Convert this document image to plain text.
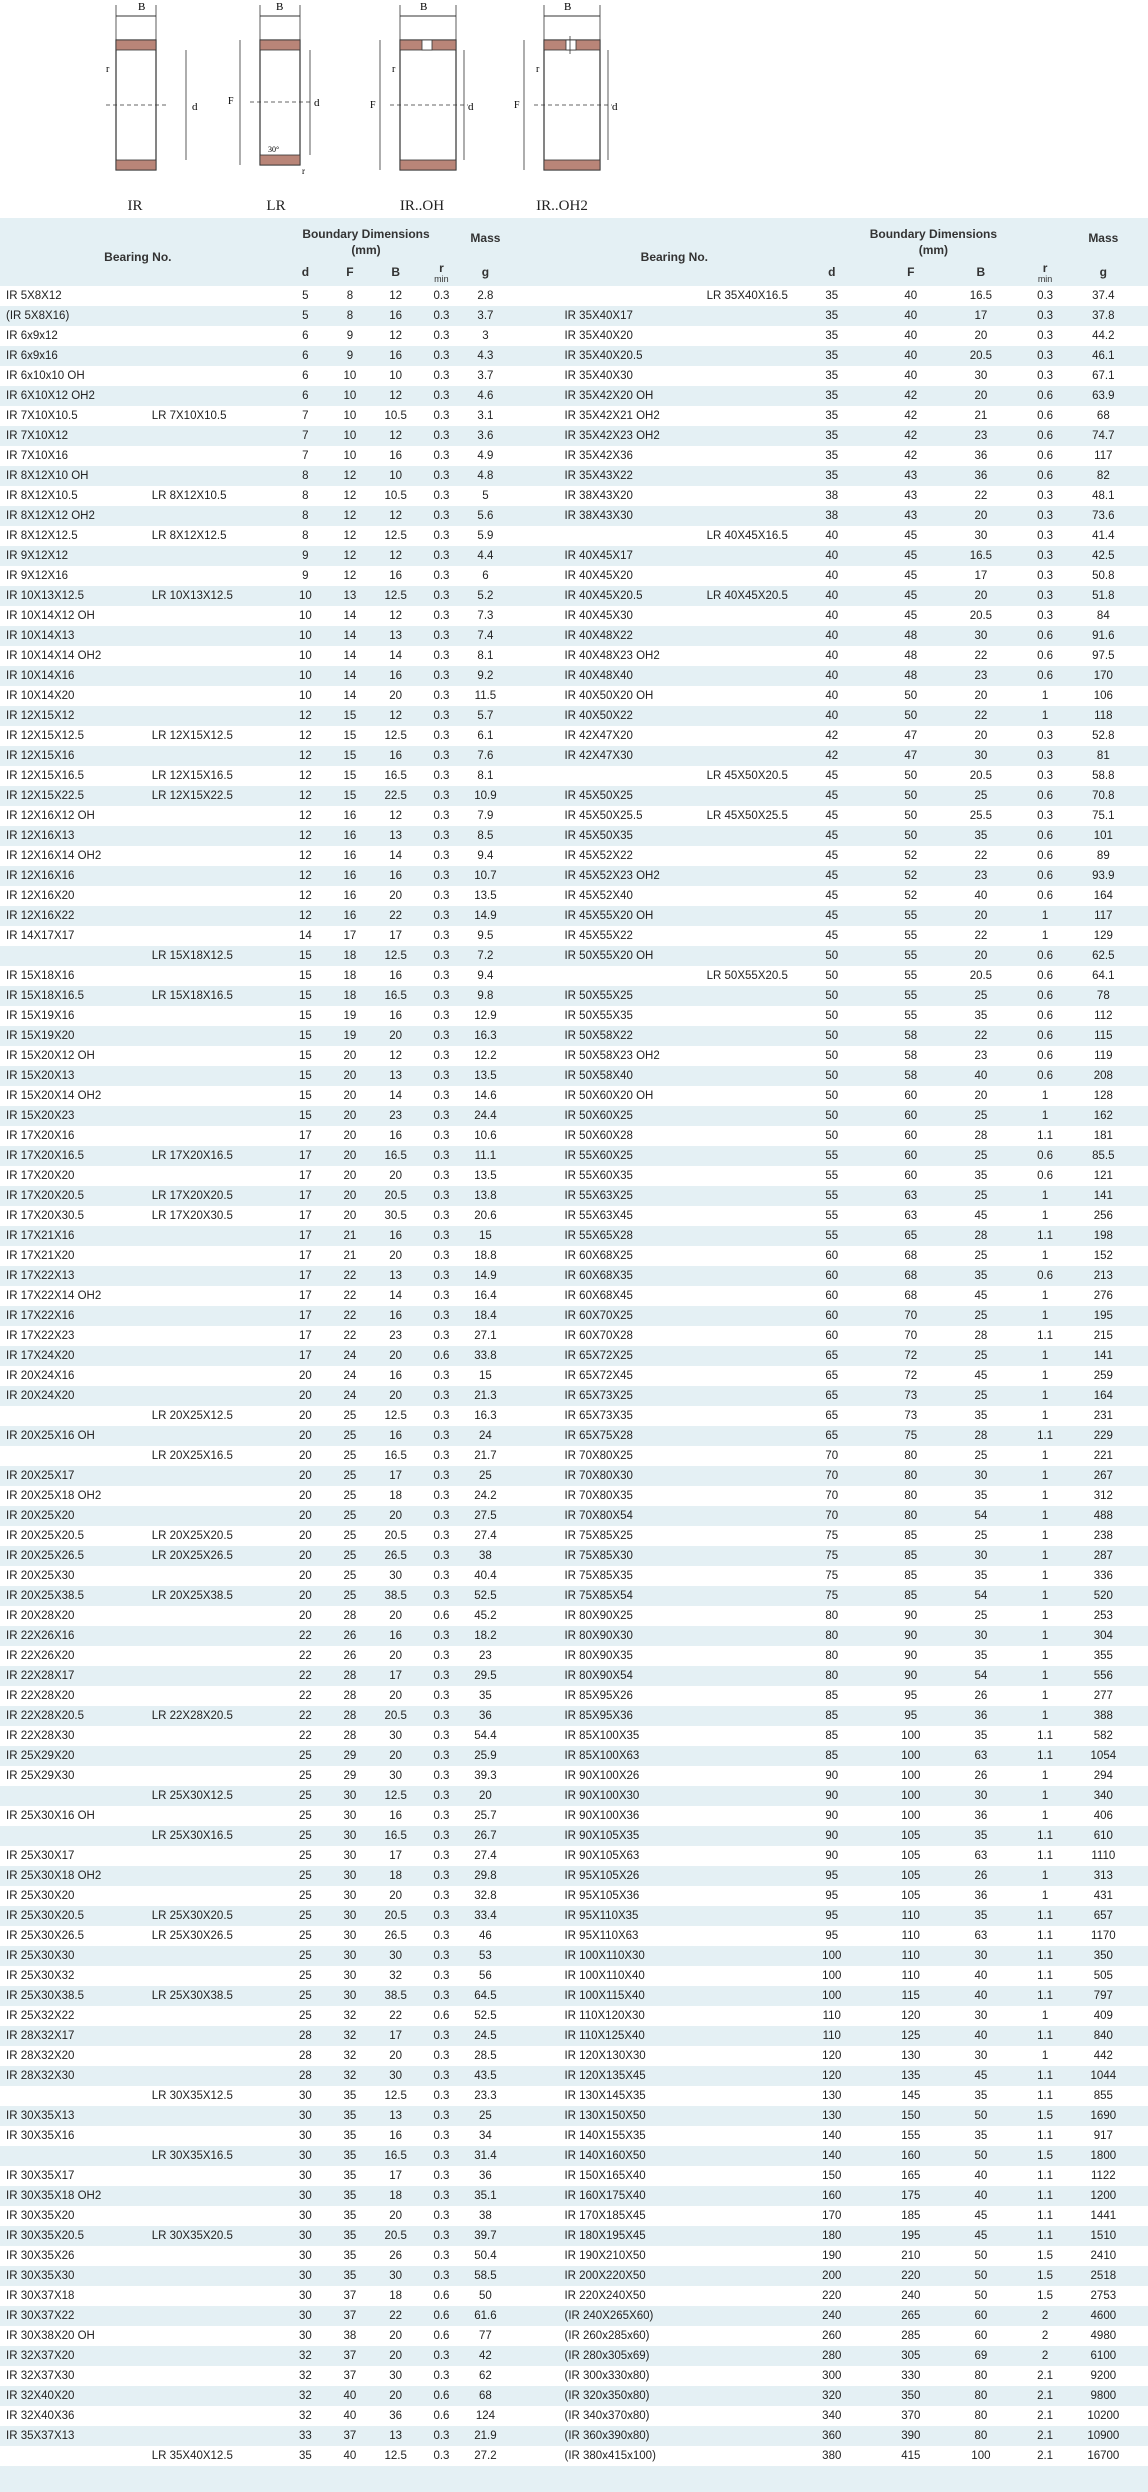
B
r
d
IR
B
F	d
30°
r
LR
B
F
r
d
IR..OH
B
F
r
d
IR..OH2
Bearing No.		Boundary Dimensions
(mm)				Mass		Bearing No.		Boundary Dimensions
(mm)				Mass	
		d	F	B	r
min	g				d	F	B	r
min	g	
IR 5X8X12		5	8	12	0.3	2.8			LR 35X40X16.5	35	40	16.5	0.3	37.4	
(IR 5X8X16)		5	8	16	0.3	3.7		IR 35X40X17		35	40	17	0.3	37.8	
IR 6x9x12		6	9	12	0.3	3		IR 35X40X20		35	40	20	0.3	44.2	
IR 6x9x16		6	9	16	0.3	4.3		IR 35X40X20.5		35	40	20.5	0.3	46.1	
IR 6x10x10 OH		6	10	10	0.3	3.7		IR 35X40X30		35	40	30	0.3	67.1	
IR 6X10X12 OH2		6	10	12	0.3	4.6		IR 35X42X20 OH		35	42	20	0.6	63.9	
IR 7X10X10.5	LR 7X10X10.5	7	10	10.5	0.3	3.1		IR 35X42X21 OH2		35	42	21	0.6	68	
IR 7X10X12		7	10	12	0.3	3.6		IR 35X42X23 OH2		35	42	23	0.6	74.7	
IR 7X10X16		7	10	16	0.3	4.9		IR 35X42X36		35	42	36	0.6	117	
IR 8X12X10 OH		8	12	10	0.3	4.8		IR 35X43X22		35	43	36	0.6	82	
IR 8X12X10.5	LR 8X12X10.5	8	12	10.5	0.3	5		IR 38X43X20		38	43	22	0.3	48.1	
IR 8X12X12 OH2		8	12	12	0.3	5.6		IR 38X43X30		38	43	20	0.3	73.6	
IR 8X12X12.5	LR 8X12X12.5	8	12	12.5	0.3	5.9			LR 40X45X16.5	40	45	30	0.3	41.4	
IR 9X12X12		9	12	12	0.3	4.4		IR 40X45X17		40	45	16.5	0.3	42.5	
IR 9X12X16		9	12	16	0.3	6		IR 40X45X20		40	45	17	0.3	50.8	
IR 10X13X12.5	LR 10X13X12.5	10	13	12.5	0.3	5.2		IR 40X45X20.5	LR 40X45X20.5	40	45	20	0.3	51.8	
IR 10X14X12 OH		10	14	12	0.3	7.3		IR 40X45X30		40	45	20.5	0.3	84	
IR 10X14X13		10	14	13	0.3	7.4		IR 40X48X22		40	48	30	0.6	91.6	
IR 10X14X14 OH2		10	14	14	0.3	8.1		IR 40X48X23 OH2		40	48	22	0.6	97.5	
IR 10X14X16		10	14	16	0.3	9.2		IR 40X48X40		40	48	23	0.6	170	
IR 10X14X20		10	14	20	0.3	11.5		IR 40X50X20 OH		40	50	20	1	106	
IR 12X15X12		12	15	12	0.3	5.7		IR 40X50X22		40	50	22	1	118	
IR 12X15X12.5	LR 12X15X12.5	12	15	12.5	0.3	6.1		IR 42X47X20		42	47	20	0.3	52.8	
IR 12X15X16		12	15	16	0.3	7.6		IR 42X47X30		42	47	30	0.3	81	
IR 12X15X16.5	LR 12X15X16.5	12	15	16.5	0.3	8.1			LR 45X50X20.5	45	50	20.5	0.3	58.8	
IR 12X15X22.5	LR 12X15X22.5	12	15	22.5	0.3	10.9		IR 45X50X25		45	50	25	0.6	70.8	
IR 12X16X12 OH		12	16	12	0.3	7.9		IR 45X50X25.5	LR 45X50X25.5	45	50	25.5	0.3	75.1	
IR 12X16X13		12	16	13	0.3	8.5		IR 45X50X35		45	50	35	0.6	101	
IR 12X16X14 OH2		12	16	14	0.3	9.4		IR 45X52X22		45	52	22	0.6	89	
IR 12X16X16		12	16	16	0.3	10.7		IR 45X52X23 OH2		45	52	23	0.6	93.9	
IR 12X16X20		12	16	20	0.3	13.5		IR 45X52X40		45	52	40	0.6	164	
IR 12X16X22		12	16	22	0.3	14.9		IR 45X55X20 OH		45	55	20	1	117	
IR 14X17X17		14	17	17	0.3	9.5		IR 45X55X22		45	55	22	1	129	
	LR 15X18X12.5	15	18	12.5	0.3	7.2		IR 50X55X20 OH		50	55	20	0.6	62.5	
IR 15X18X16		15	18	16	0.3	9.4			LR 50X55X20.5	50	55	20.5	0.6	64.1	
IR 15X18X16.5	LR 15X18X16.5	15	18	16.5	0.3	9.8		IR 50X55X25		50	55	25	0.6	78	
IR 15X19X16		15	19	16	0.3	12.9		IR 50X55X35		50	55	35	0.6	112	
IR 15X19X20		15	19	20	0.3	16.3		IR 50X58X22		50	58	22	0.6	115	
IR 15X20X12 OH		15	20	12	0.3	12.2		IR 50X58X23 OH2		50	58	23	0.6	119	
IR 15X20X13		15	20	13	0.3	13.5		IR 50X58X40		50	58	40	0.6	208	
IR 15X20X14 OH2		15	20	14	0.3	14.6		IR 50X60X20 OH		50	60	20	1	128	
IR 15X20X23		15	20	23	0.3	24.4		IR 50X60X25		50	60	25	1	162	
IR 17X20X16		17	20	16	0.3	10.6		IR 50X60X28		50	60	28	1.1	181	
IR 17X20X16.5	LR 17X20X16.5	17	20	16.5	0.3	11.1		IR 55X60X25		55	60	25	0.6	85.5	
IR 17X20X20		17	20	20	0.3	13.5		IR 55X60X35		55	60	35	0.6	121	
IR 17X20X20.5	LR 17X20X20.5	17	20	20.5	0.3	13.8		IR 55X63X25		55	63	25	1	141	
IR 17X20X30.5	LR 17X20X30.5	17	20	30.5	0.3	20.6		IR 55X63X45		55	63	45	1	256	
IR 17X21X16		17	21	16	0.3	15		IR 55X65X28		55	65	28	1.1	198	
IR 17X21X20		17	21	20	0.3	18.8		IR 60X68X25		60	68	25	1	152	
IR 17X22X13		17	22	13	0.3	14.9		IR 60X68X35		60	68	35	0.6	213	
IR 17X22X14 OH2		17	22	14	0.3	16.4		IR 60X68X45		60	68	45	1	276	
IR 17X22X16		17	22	16	0.3	18.4		IR 60X70X25		60	70	25	1	195	
IR 17X22X23		17	22	23	0.3	27.1		IR 60X70X28		60	70	28	1.1	215	
IR 17X24X20		17	24	20	0.6	33.8		IR 65X72X25		65	72	25	1	141	
IR 20X24X16		20	24	16	0.3	15		IR 65X72X45		65	72	45	1	259	
IR 20X24X20		20	24	20	0.3	21.3		IR 65X73X25		65	73	25	1	164	
	LR 20X25X12.5	20	25	12.5	0.3	16.3		IR 65X73X35		65	73	35	1	231	
IR 20X25X16 OH		20	25	16	0.3	24		IR 65X75X28		65	75	28	1.1	229	
	LR 20X25X16.5	20	25	16.5	0.3	21.7		IR 70X80X25		70	80	25	1	221	
IR 20X25X17		20	25	17	0.3	25		IR 70X80X30		70	80	30	1	267	
IR 20X25X18 OH2		20	25	18	0.3	24.2		IR 70X80X35		70	80	35	1	312	
IR 20X25X20		20	25	20	0.3	27.5		IR 70X80X54		70	80	54	1	488	
IR 20X25X20.5	LR 20X25X20.5	20	25	20.5	0.3	27.4		IR 75X85X25		75	85	25	1	238	
IR 20X25X26.5	LR 20X25X26.5	20	25	26.5	0.3	38		IR 75X85X30		75	85	30	1	287	
IR 20X25X30		20	25	30	0.3	40.4		IR 75X85X35		75	85	35	1	336	
IR 20X25X38.5	LR 20X25X38.5	20	25	38.5	0.3	52.5		IR 75X85X54		75	85	54	1	520	
IR 20X28X20		20	28	20	0.6	45.2		IR 80X90X25		80	90	25	1	253	
IR 22X26X16		22	26	16	0.3	18.2		IR 80X90X30		80	90	30	1	304	
IR 22X26X20		22	26	20	0.3	23		IR 80X90X35		80	90	35	1	355	
IR 22X28X17		22	28	17	0.3	29.5		IR 80X90X54		80	90	54	1	556	
IR 22X28X20		22	28	20	0.3	35		IR 85X95X26		85	95	26	1	277	
IR 22X28X20.5	LR 22X28X20.5	22	28	20.5	0.3	36		IR 85X95X36		85	95	36	1	388	
IR 22X28X30		22	28	30	0.3	54.4		IR 85X100X35		85	100	35	1.1	582	
IR 25X29X20		25	29	20	0.3	25.9		IR 85X100X63		85	100	63	1.1	1054	
IR 25X29X30		25	29	30	0.3	39.3		IR 90X100X26		90	100	26	1	294	
	LR 25X30X12.5	25	30	12.5	0.3	20		IR 90X100X30		90	100	30	1	340	
IR 25X30X16 OH		25	30	16	0.3	25.7		IR 90X100X36		90	100	36	1	406	
	LR 25X30X16.5	25	30	16.5	0.3	26.7		IR 90X105X35		90	105	35	1.1	610	
IR 25X30X17		25	30	17	0.3	27.4		IR 90X105X63		90	105	63	1.1	1110	
IR 25X30X18 OH2		25	30	18	0.3	29.8		IR 95X105X26		95	105	26	1	313	
IR 25X30X20		25	30	20	0.3	32.8		IR 95X105X36		95	105	36	1	431	
IR 25X30X20.5	LR 25X30X20.5	25	30	20.5	0.3	33.4		IR 95X110X35		95	110	35	1.1	657	
IR 25X30X26.5	LR 25X30X26.5	25	30	26.5	0.3	46		IR 95X110X63		95	110	63	1.1	1170	
IR 25X30X30		25	30	30	0.3	53		IR 100X110X30		100	110	30	1.1	350	
IR 25X30X32		25	30	32	0.3	56		IR 100X110X40		100	110	40	1.1	505	
IR 25X30X38.5	LR 25X30X38.5	25	30	38.5	0.3	64.5		IR 100X115X40		100	115	40	1.1	797	
IR 25X32X22		25	32	22	0.6	52.5		IR 110X120X30		110	120	30	1	409	
IR 28X32X17		28	32	17	0.3	24.5		IR 110X125X40		110	125	40	1.1	840	
IR 28X32X20		28	32	20	0.3	28.5		IR 120X130X30		120	130	30	1	442	
IR 28X32X30		28	32	30	0.3	43.5		IR 120X135X45		120	135	45	1.1	1044	
	LR 30X35X12.5	30	35	12.5	0.3	23.3		IR 130X145X35		130	145	35	1.1	855	
IR 30X35X13		30	35	13	0.3	25		IR 130X150X50		130	150	50	1.5	1690	
IR 30X35X16		30	35	16	0.3	34		IR 140X155X35		140	155	35	1.1	917	
	LR 30X35X16.5	30	35	16.5	0.3	31.4		IR 140X160X50		140	160	50	1.5	1800	
IR 30X35X17		30	35	17	0.3	36		IR 150X165X40		150	165	40	1.1	1122	
IR 30X35X18 OH2		30	35	18	0.3	35.1		IR 160X175X40		160	175	40	1.1	1200	
IR 30X35X20		30	35	20	0.3	38		IR 170X185X45		170	185	45	1.1	1441	
IR 30X35X20.5	LR 30X35X20.5	30	35	20.5	0.3	39.7		IR 180X195X45		180	195	45	1.1	1510	
IR 30X35X26		30	35	26	0.3	50.4		IR 190X210X50		190	210	50	1.5	2410	
IR 30X35X30		30	35	30	0.3	58.5		IR 200X220X50		200	220	50	1.5	2518	
IR 30X37X18		30	37	18	0.6	50		IR 220X240X50		220	240	50	1.5	2753	
IR 30X37X22		30	37	22	0.6	61.6		(IR 240X265X60)		240	265	60	2	4600	
IR 30X38X20 OH		30	38	20	0.6	77		(IR 260x285x60)		260	285	60	2	4980	
IR 32X37X20		32	37	20	0.3	42		(IR 280x305x69)		280	305	69	2	6100	
IR 32X37X30		32	37	30	0.3	62		(IR 300x330x80)		300	330	80	2.1	9200	
IR 32X40X20		32	40	20	0.6	68		(IR 320x350x80)		320	350	80	2.1	9800	
IR 32X40X36		32	40	36	0.6	124		(IR 340x370x80)		340	370	80	2.1	10200	
IR 35X37X13		33	37	13	0.3	21.9		(IR 360x390x80)		360	390	80	2.1	10900	
	LR 35X40X12.5	35	40	12.5	0.3	27.2		(IR 380x415x100)		380	415	100	2.1	16700	
